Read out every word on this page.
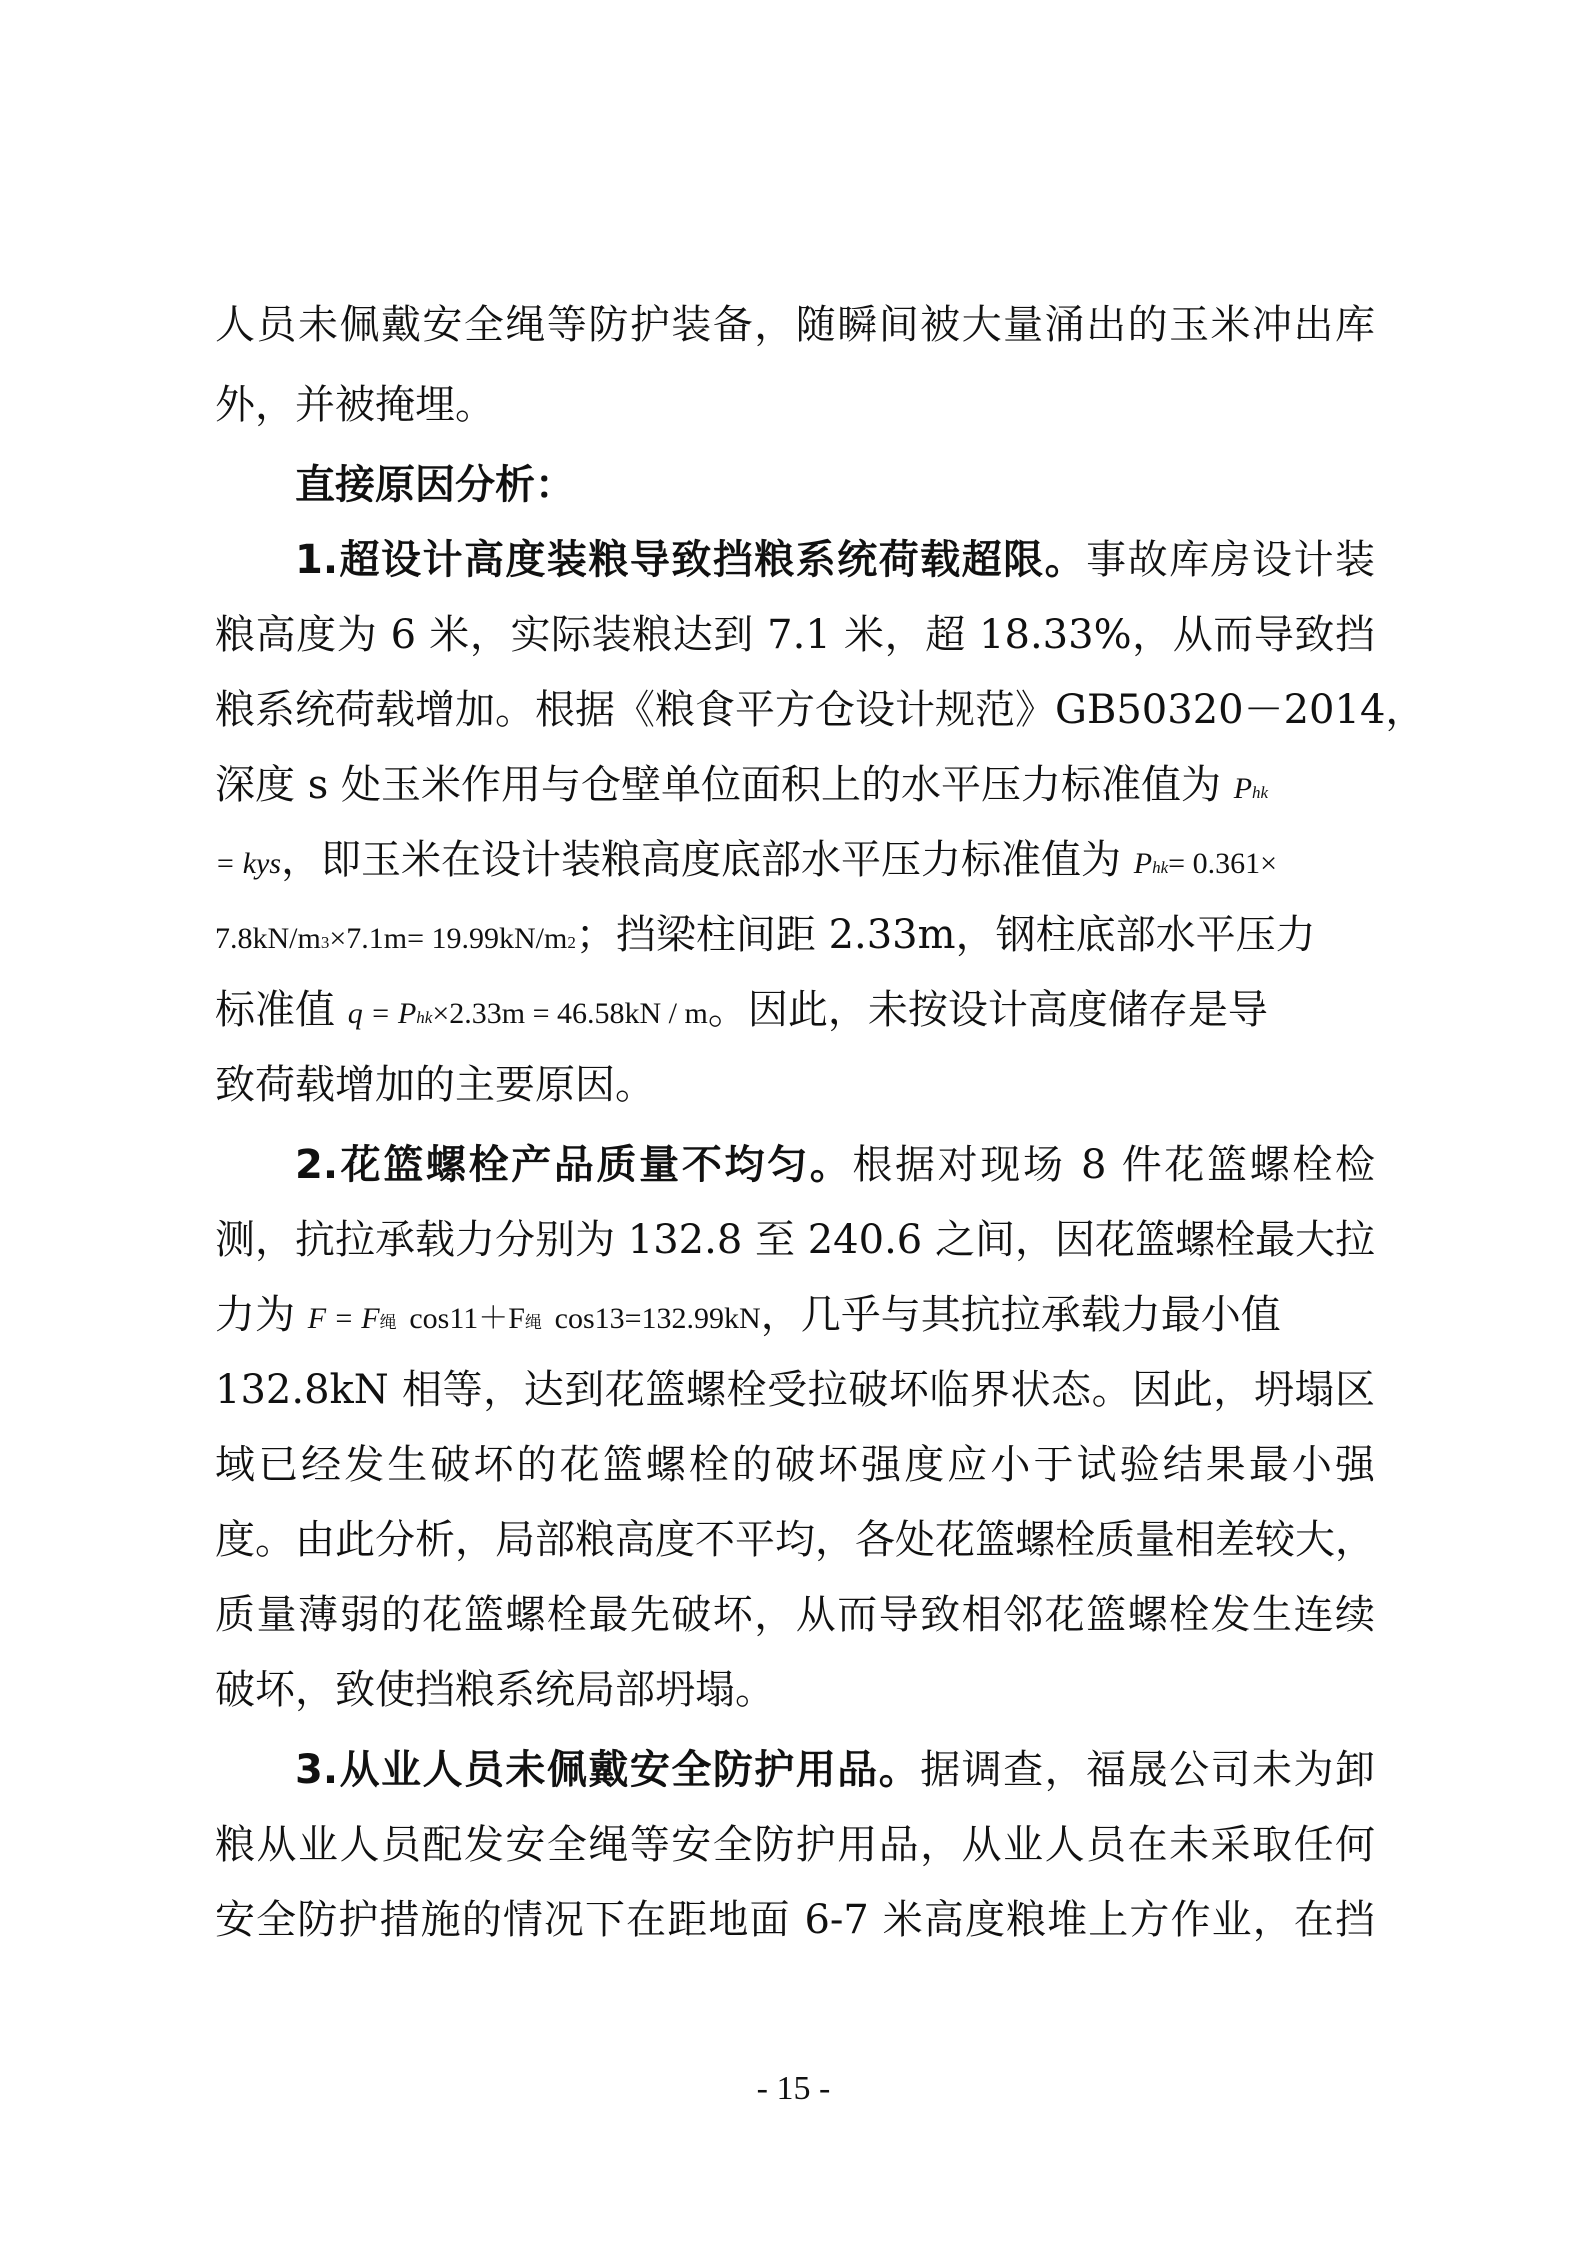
人员未佩戴安全绳等防护装备，随瞬间被大量涌出的玉米冲出库
外，并被掩埋。
直接原因分析：
1.超设计高度装粮导致挡粮系统荷载超限。事故库房设计装
粮高度为 6 米，实际装粮达到 7.1 米，超 18.33%，从而导致挡
粮系统荷载增加。根据《粮食平方仓设计规范》GB50320－2014，
深度 s 处玉米作用与仓壁单位面积上的水平压力标准值为 Phk
= kys，即玉米在设计装粮高度底部水平压力标准值为 Phk= 0.361×
7.8kN/m3×7.1m= 19.99kN/m2；挡梁柱间距 2.33m，钢柱底部水平压力
标准值 q = Phk×2.33m = 46.58kN / m。因此，未按设计高度储存是导
致荷载增加的主要原因。
2.花篮螺栓产品质量不均匀。根据对现场 8 件花篮螺栓检
测，抗拉承载力分别为 132.8 至 240.6 之间，因花篮螺栓最大拉
力为 F = F绳 cos11＋F绳 cos13=132.99kN，几乎与其抗拉承载力最小值
132.8kN 相等，达到花篮螺栓受拉破坏临界状态。因此，坍塌区
域已经发生破坏的花篮螺栓的破坏强度应小于试验结果最小强
度。由此分析，局部粮高度不平均，各处花篮螺栓质量相差较大，
质量薄弱的花篮螺栓最先破坏，从而导致相邻花篮螺栓发生连续
破坏，致使挡粮系统局部坍塌。
3.从业人员未佩戴安全防护用品。据调查，福晟公司未为卸
粮从业人员配发安全绳等安全防护用品，从业人员在未采取任何
安全防护措施的情况下在距地面 6-7 米高度粮堆上方作业，在挡
- 15 -
